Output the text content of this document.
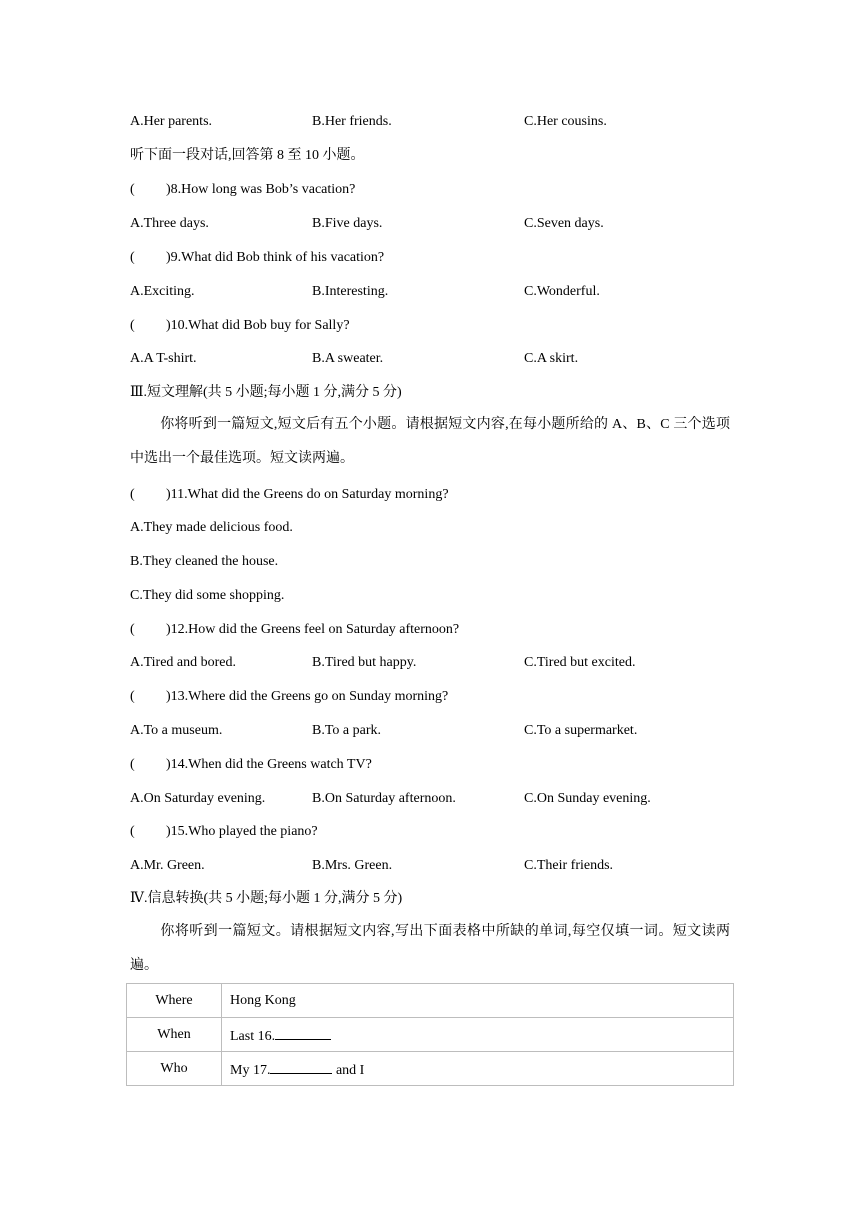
A.Her parents.	B.Her friends.	C.Her cousins.
听下面一段对话,回答第 8 至 10 小题。
( )8.How long was Bob’s vacation?
A.Three days.	B.Five days.	C.Seven days.
( )9.What did Bob think of his vacation?
A.Exciting.	B.Interesting.	C.Wonderful.
( )10.What did Bob buy for Sally?
A.A T-shirt.	B.A sweater.	C.A skirt.
Ⅲ.短文理解(共 5 小题;每小题 1 分,满分 5 分)
你将听到一篇短文,短文后有五个小题。请根据短文内容,在每小题所给的 A、B、C 三个选项中选出一个最佳选项。短文读两遍。
( )11.What did the Greens do on Saturday morning?
A.They made delicious food.
B.They cleaned the house.
C.They did some shopping.
( )12.How did the Greens feel on Saturday afternoon?
A.Tired and bored.	B.Tired but happy.	C.Tired but excited.
( )13.Where did the Greens go on Sunday morning?
A.To a museum.	B.To a park.	C.To a supermarket.
( )14.When did the Greens watch TV?
A.On Saturday evening.	B.On Saturday afternoon.	C.On Sunday evening.
( )15.Who played the piano?
A.Mr. Green.	B.Mrs. Green.	C.Their friends.
Ⅳ.信息转换(共 5 小题;每小题 1 分,满分 5 分)
你将听到一篇短文。请根据短文内容,写出下面表格中所缺的单词,每空仅填一词。短文读两遍。
Where	Hong Kong
When	Last 16.
Who	My 17. and I
